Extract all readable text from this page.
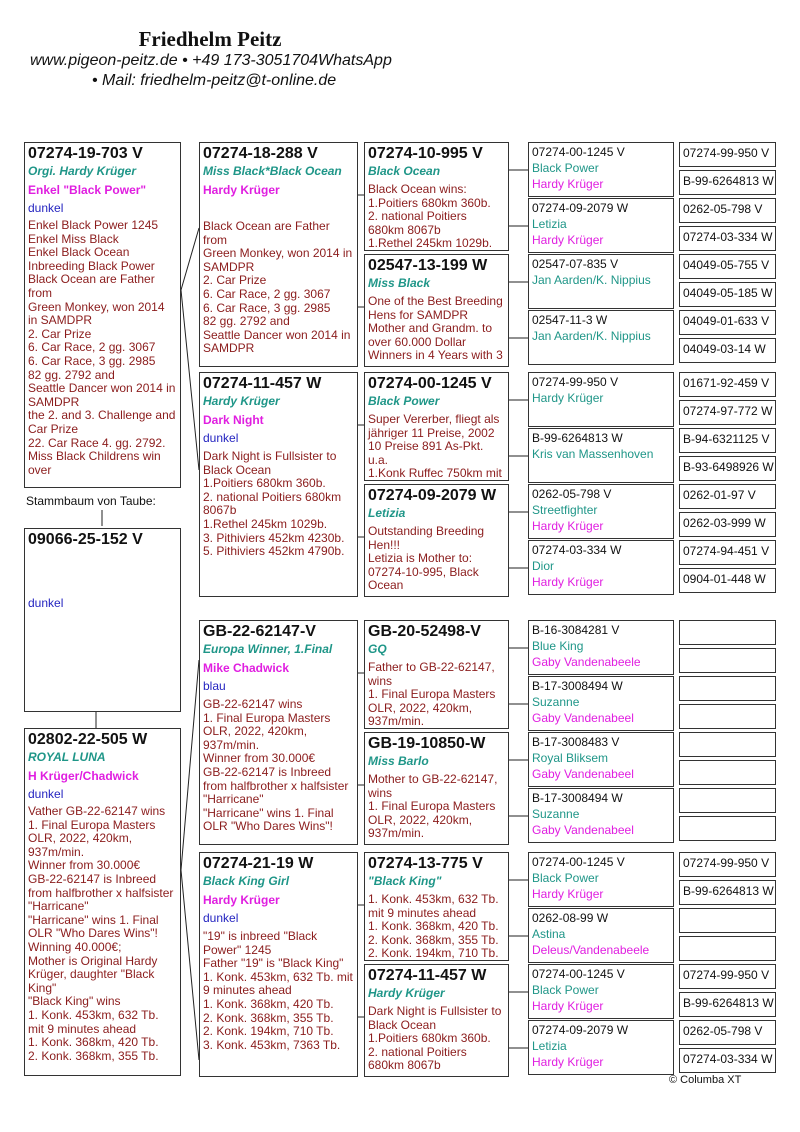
Friedhelm Peitz
www.pigeon-peitz.de • +49 173-3051704WhatsApp
• Mail: friedhelm-peitz@t-online.de
07274-19-703 V
Orgi. Hardy Krüger
Enkel "Black Power"
dunkel
Enkel Black Power 1245
Enkel Miss Black
Enkel Black Ocean
Inbreeding Black Power
Black Ocean are Father from
Green Monkey, won 2014 in SAMDPR
2. Car Prize
6. Car Race, 2 gg. 3067
6. Car Race, 3 gg. 2985
82 gg. 2792 and
Seattle Dancer won 2014 in SAMDPR
the 2. and 3. Challenge and Car Prize
22. Car Race 4. gg. 2792.
Miss Black Childrens win over
02802-22-505 W
ROYAL LUNA
H Krüger/Chadwick
dunkel
Vather GB-22-62147 wins
1. Final Europa Masters OLR, 2022, 420km, 937m/min.
Winner from 30.000€
GB-22-62147 is Inbreed from halfbrother x halfsister "Harricane"
"Harricane" wins 1. Final OLR "Who Dares Wins"!
Winning 40.000€;
Mother is Original Hardy Krüger, daughter "Black King"
"Black King" wins
1. Konk. 453km, 632 Tb. mit 9 minutes ahead
1. Konk. 368km, 420 Tb.
2. Konk. 368km, 355 Tb.
09066-25-152 V
dunkel
07274-18-288 V
Miss Black*Black Ocean
Hardy Krüger
Black Ocean are Father from
Green Monkey, won 2014 in SAMDPR
2. Car Prize
6. Car Race, 2 gg. 3067
6. Car Race, 3 gg. 2985
82 gg. 2792 and
Seattle Dancer won 2014 in SAMDPR
07274-11-457 W
Hardy Krüger
Dark Night
dunkel
Dark Night is Fullsister to Black Ocean
1.Poitiers 680km 360b.
2. national Poitiers 680km 8067b
1.Rethel 245km 1029b.
3. Pithiviers 452km 4230b.
5. Pithiviers 452km 4790b.
GB-22-62147-V
Europa Winner, 1.Final
Mike Chadwick
blau
GB-22-62147 wins
1. Final Europa Masters OLR, 2022, 420km, 937m/min.
Winner from 30.000€
GB-22-62147 is Inbreed from halfbrother x halfsister "Harricane"
"Harricane" wins 1. Final OLR "Who Dares Wins"!
07274-21-19 W
Black King Girl
Hardy Krüger
dunkel
"19" is inbreed "Black Power" 1245
Father "19" is "Black King"
1. Konk. 453km, 632 Tb. mit 9 minutes ahead
1. Konk. 368km, 420 Tb.
2. Konk. 368km, 355 Tb.
2. Konk. 194km, 710 Tb.
3. Konk. 453km, 7363 Tb.
07274-10-995 V
Black Ocean
Black Ocean wins:
1.Poitiers 680km 360b.
2. national Poitiers 680km 8067b
1.Rethel 245km 1029b.
02547-13-199 W
Miss Black
One of the Best Breeding Hens for SAMDPR
Mother and Grandm. to over 60.000 Dollar Winners in 4 Years with 3
07274-00-1245 V
Black Power
Super Vererber, fliegt als jähriger 11 Preise, 2002 10 Preise 891 As-Pkt. u.a.
1.Konk Ruffec 750km mit
07274-09-2079 W
Letizia
Outstanding Breeding Hen!!!
Letizia is Mother to:
07274-10-995, Black Ocean
GB-20-52498-V
GQ
Father to GB-22-62147, wins
1. Final Europa Masters OLR, 2022, 420km, 937m/min.
GB-19-10850-W
Miss Barlo
Mother to GB-22-62147, wins
1. Final Europa Masters OLR, 2022, 420km, 937m/min.
07274-13-775 V
"Black King"
1. Konk. 453km, 632 Tb. mit 9 minutes ahead
1. Konk. 368km, 420 Tb.
2. Konk. 368km, 355 Tb.
2. Konk. 194km, 710 Tb.
07274-11-457 W
Hardy Krüger
Dark Night is Fullsister to Black Ocean
1.Poitiers 680km 360b.
2. national Poitiers 680km 8067b
07274-00-1245 V
Black Power
Hardy Krüger
07274-09-2079 W
Letizia
Hardy Krüger
02547-07-835 V
Jan Aarden/K. Nippius
02547-11-3 W
Jan Aarden/K. Nippius
07274-99-950 V
Hardy Krüger
B-99-6264813 W
Kris van Massenhoven
0262-05-798 V
Streetfighter
Hardy Krüger
07274-03-334 W
Dior
Hardy Krüger
B-16-3084281 V
Blue King
Gaby Vandenabeele
B-17-3008494 W
Suzanne
Gaby Vandenabeel
B-17-3008483 V
Royal Bliksem
Gaby Vandenabeel
B-17-3008494 W
Suzanne
Gaby Vandenabeel
07274-00-1245 V
Black Power
Hardy Krüger
0262-08-99 W
Astina
Deleus/Vandenabeele
07274-00-1245 V
Black Power
Hardy Krüger
07274-09-2079 W
Letizia
Hardy Krüger
07274-99-950 V
B-99-6264813 W
0262-05-798 V
07274-03-334 W
04049-05-755 V
04049-05-185 W
04049-01-633 V
04049-03-14 W
01671-92-459 V
07274-97-772 W
B-94-6321125 V
B-93-6498926 W
0262-01-97 V
0262-03-999 W
07274-94-451 V
0904-01-448 W
07274-99-950 V
B-99-6264813 W
07274-99-950 V
B-99-6264813 W
0262-05-798 V
07274-03-334 W
Stammbaum von Taube:
© Columba XT
